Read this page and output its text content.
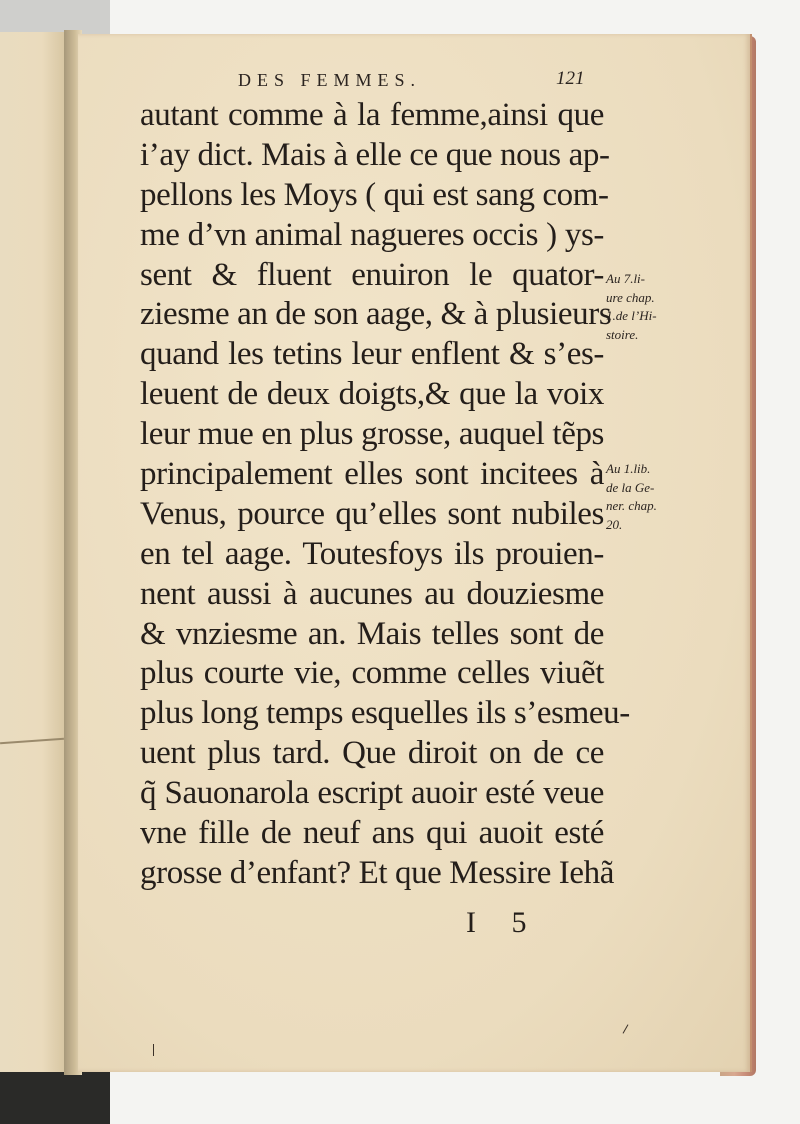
DES FEMMES.	121
autant comme à la femme,ainsi que
i’ay dict. Mais à elle ce que nous ap-
pellons les Moys ( qui est sang com-
me d’vn animal nagueres occis ) ys-
sent & fluent enuiron le quator-
ziesme an de son aage, & à plusieurs
quand les tetins leur enflent & s’es-
leuent de deux doigts,& que la voix
leur mue en plus grosse, auquel tẽps
principalement elles sont incitees à
Venus, pource qu’elles sont nubiles
en tel aage. Toutesfoys ils prouien-
nent aussi à aucunes au douziesme
& vnziesme an. Mais telles sont de
plus courte vie, comme celles viuẽt
plus long temps esquelles ils s’esmeu-
uent plus tard. Que diroit on de ce
q̃ Sauonarola escript auoir esté veue
vne fille de neuf ans qui auoit esté
grosse d’enfant? Et que Messire Iehã
Au 7.li-
ure chap.
1.de l’Hi-
stoire.
Au 1.lib.
de la Ge-
ner. chap.
20.
I 5
